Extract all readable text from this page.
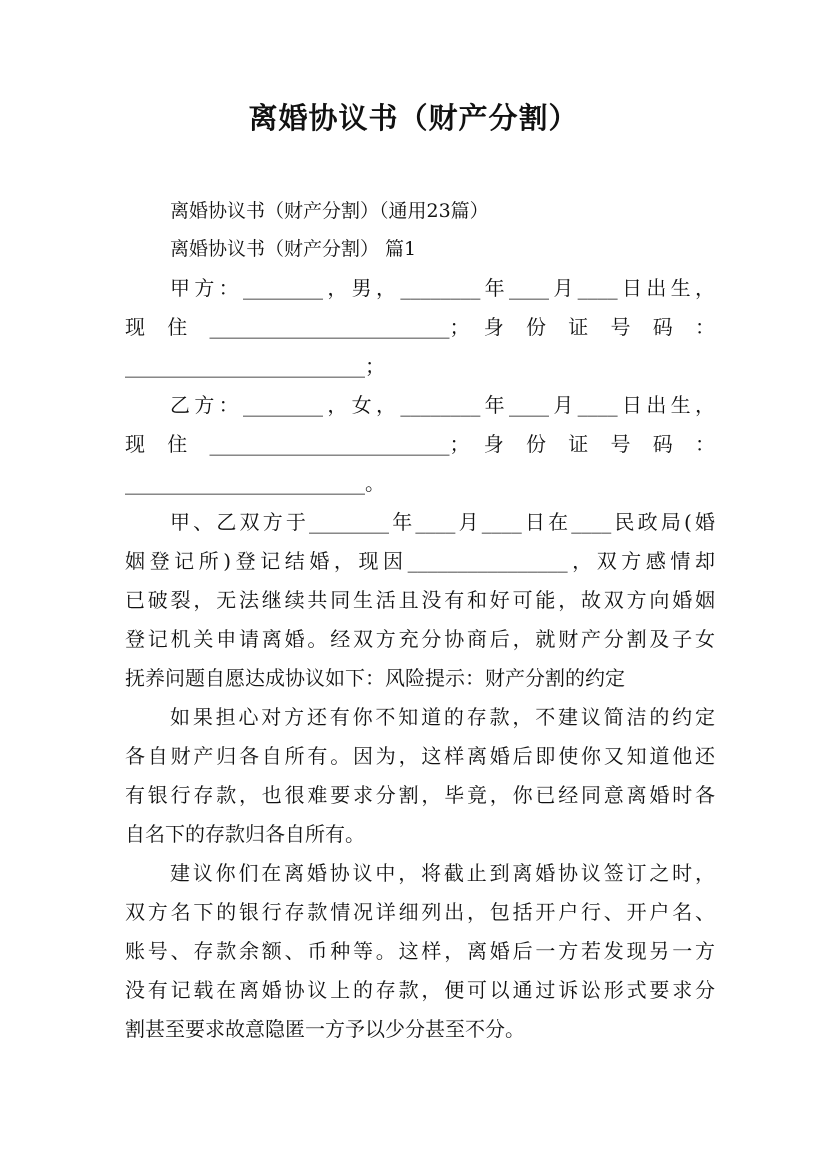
离婚协议书（财产分割）
离婚协议书（财产分割）（通用23篇）
离婚协议书（财产分割） 篇1
甲方：________，男，________年____月____日出生，
现 住 ________________________； 身 份 证 号 码 ：
________________________；
乙方：________，女，________年____月____日出生，
现 住 ________________________； 身 份 证 号 码 ：
________________________。
甲、乙双方于________年____月____日在____民政局(婚
姻登记所)登记结婚，现因________________，双方感情却
已破裂，无法继续共同生活且没有和好可能，故双方向婚姻
登记机关申请离婚。经双方充分协商后，就财产分割及子女
抚养问题自愿达成协议如下：风险提示：财产分割的约定
如果担心对方还有你不知道的存款，不建议简洁的约定
各自财产归各自所有。因为，这样离婚后即使你又知道他还
有银行存款，也很难要求分割，毕竟，你已经同意离婚时各
自名下的存款归各自所有。
建议你们在离婚协议中，将截止到离婚协议签订之时，
双方名下的银行存款情况详细列出，包括开户行、开户名、
账号、存款余额、币种等。这样，离婚后一方若发现另一方
没有记载在离婚协议上的存款，便可以通过诉讼形式要求分
割甚至要求故意隐匿一方予以少分甚至不分。
